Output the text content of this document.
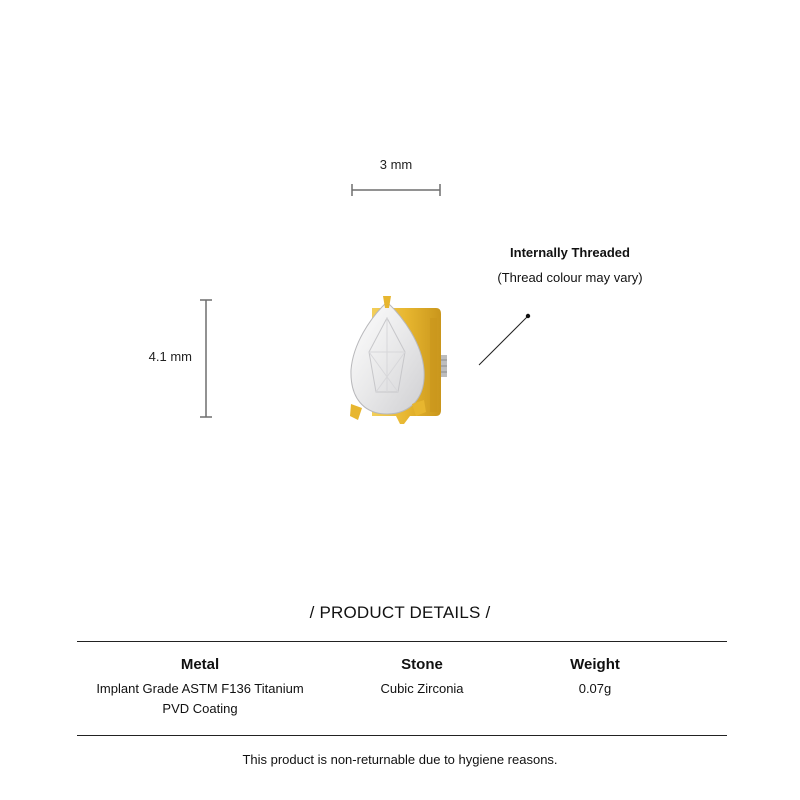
3 mm
4.1 mm
Internally Threaded
(Thread colour may vary)
/ PRODUCT DETAILS /
Metal
Implant Grade ASTM F136 Titanium
PVD Coating
Stone
Cubic Zirconia
Weight
0.07g
This product is non-returnable due to hygiene reasons.
